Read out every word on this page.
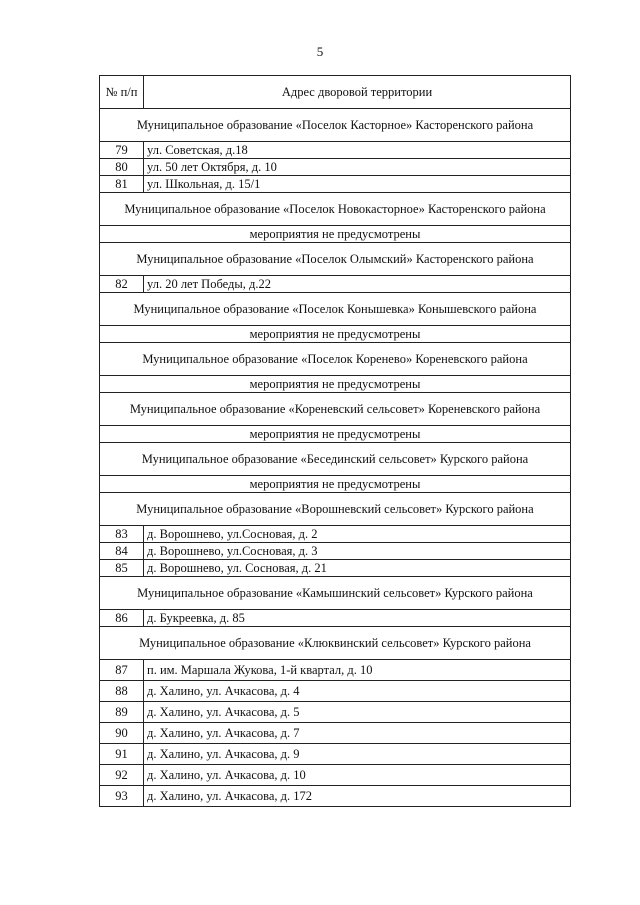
5
№ п/п	Адрес дворовой территории
Муниципальное образование «Поселок Касторное» Касторенского района	
79	ул. Советская, д.18
80	ул. 50 лет Октября, д. 10
81	ул. Школьная, д. 15/1
Муниципальное образование «Поселок Новокасторное» Касторенского района	
мероприятия не предусмотрены	
Муниципальное образование «Поселок Олымский» Касторенского района	
82	ул. 20 лет Победы, д.22
Муниципальное образование «Поселок Конышевка» Конышевского района	
мероприятия не предусмотрены	
Муниципальное образование «Поселок Кореневo» Кореневского района	
мероприятия не предусмотрены	
Муниципальное образование «Кореневский сельсовет» Кореневского района	
мероприятия не предусмотрены	
Муниципальное образование «Бесединский сельсовет» Курского района	
мероприятия не предусмотрены	
Муниципальное образование «Ворошневский сельсовет» Курского района	
83	д. Ворошнево, ул.Сосновая, д. 2
84	д. Ворошнево, ул.Сосновая, д. 3
85	д. Ворошнево, ул. Сосновая, д. 21
Муниципальное образование «Камышинский сельсовет» Курского района	
86	д. Букреевка, д. 85
Муниципальное образование «Клюквинский сельсовет» Курского района	
87	п. им. Маршала Жукова, 1-й квартал, д. 10
88	д. Халино, ул. Ачкасова, д. 4
89	д. Халино, ул. Ачкасова, д. 5
90	д. Халино, ул. Ачкасова, д. 7
91	д. Халино, ул. Ачкасова, д. 9
92	д. Халино, ул. Ачкасова, д. 10
93	д. Халино, ул. Ачкасова, д. 172
